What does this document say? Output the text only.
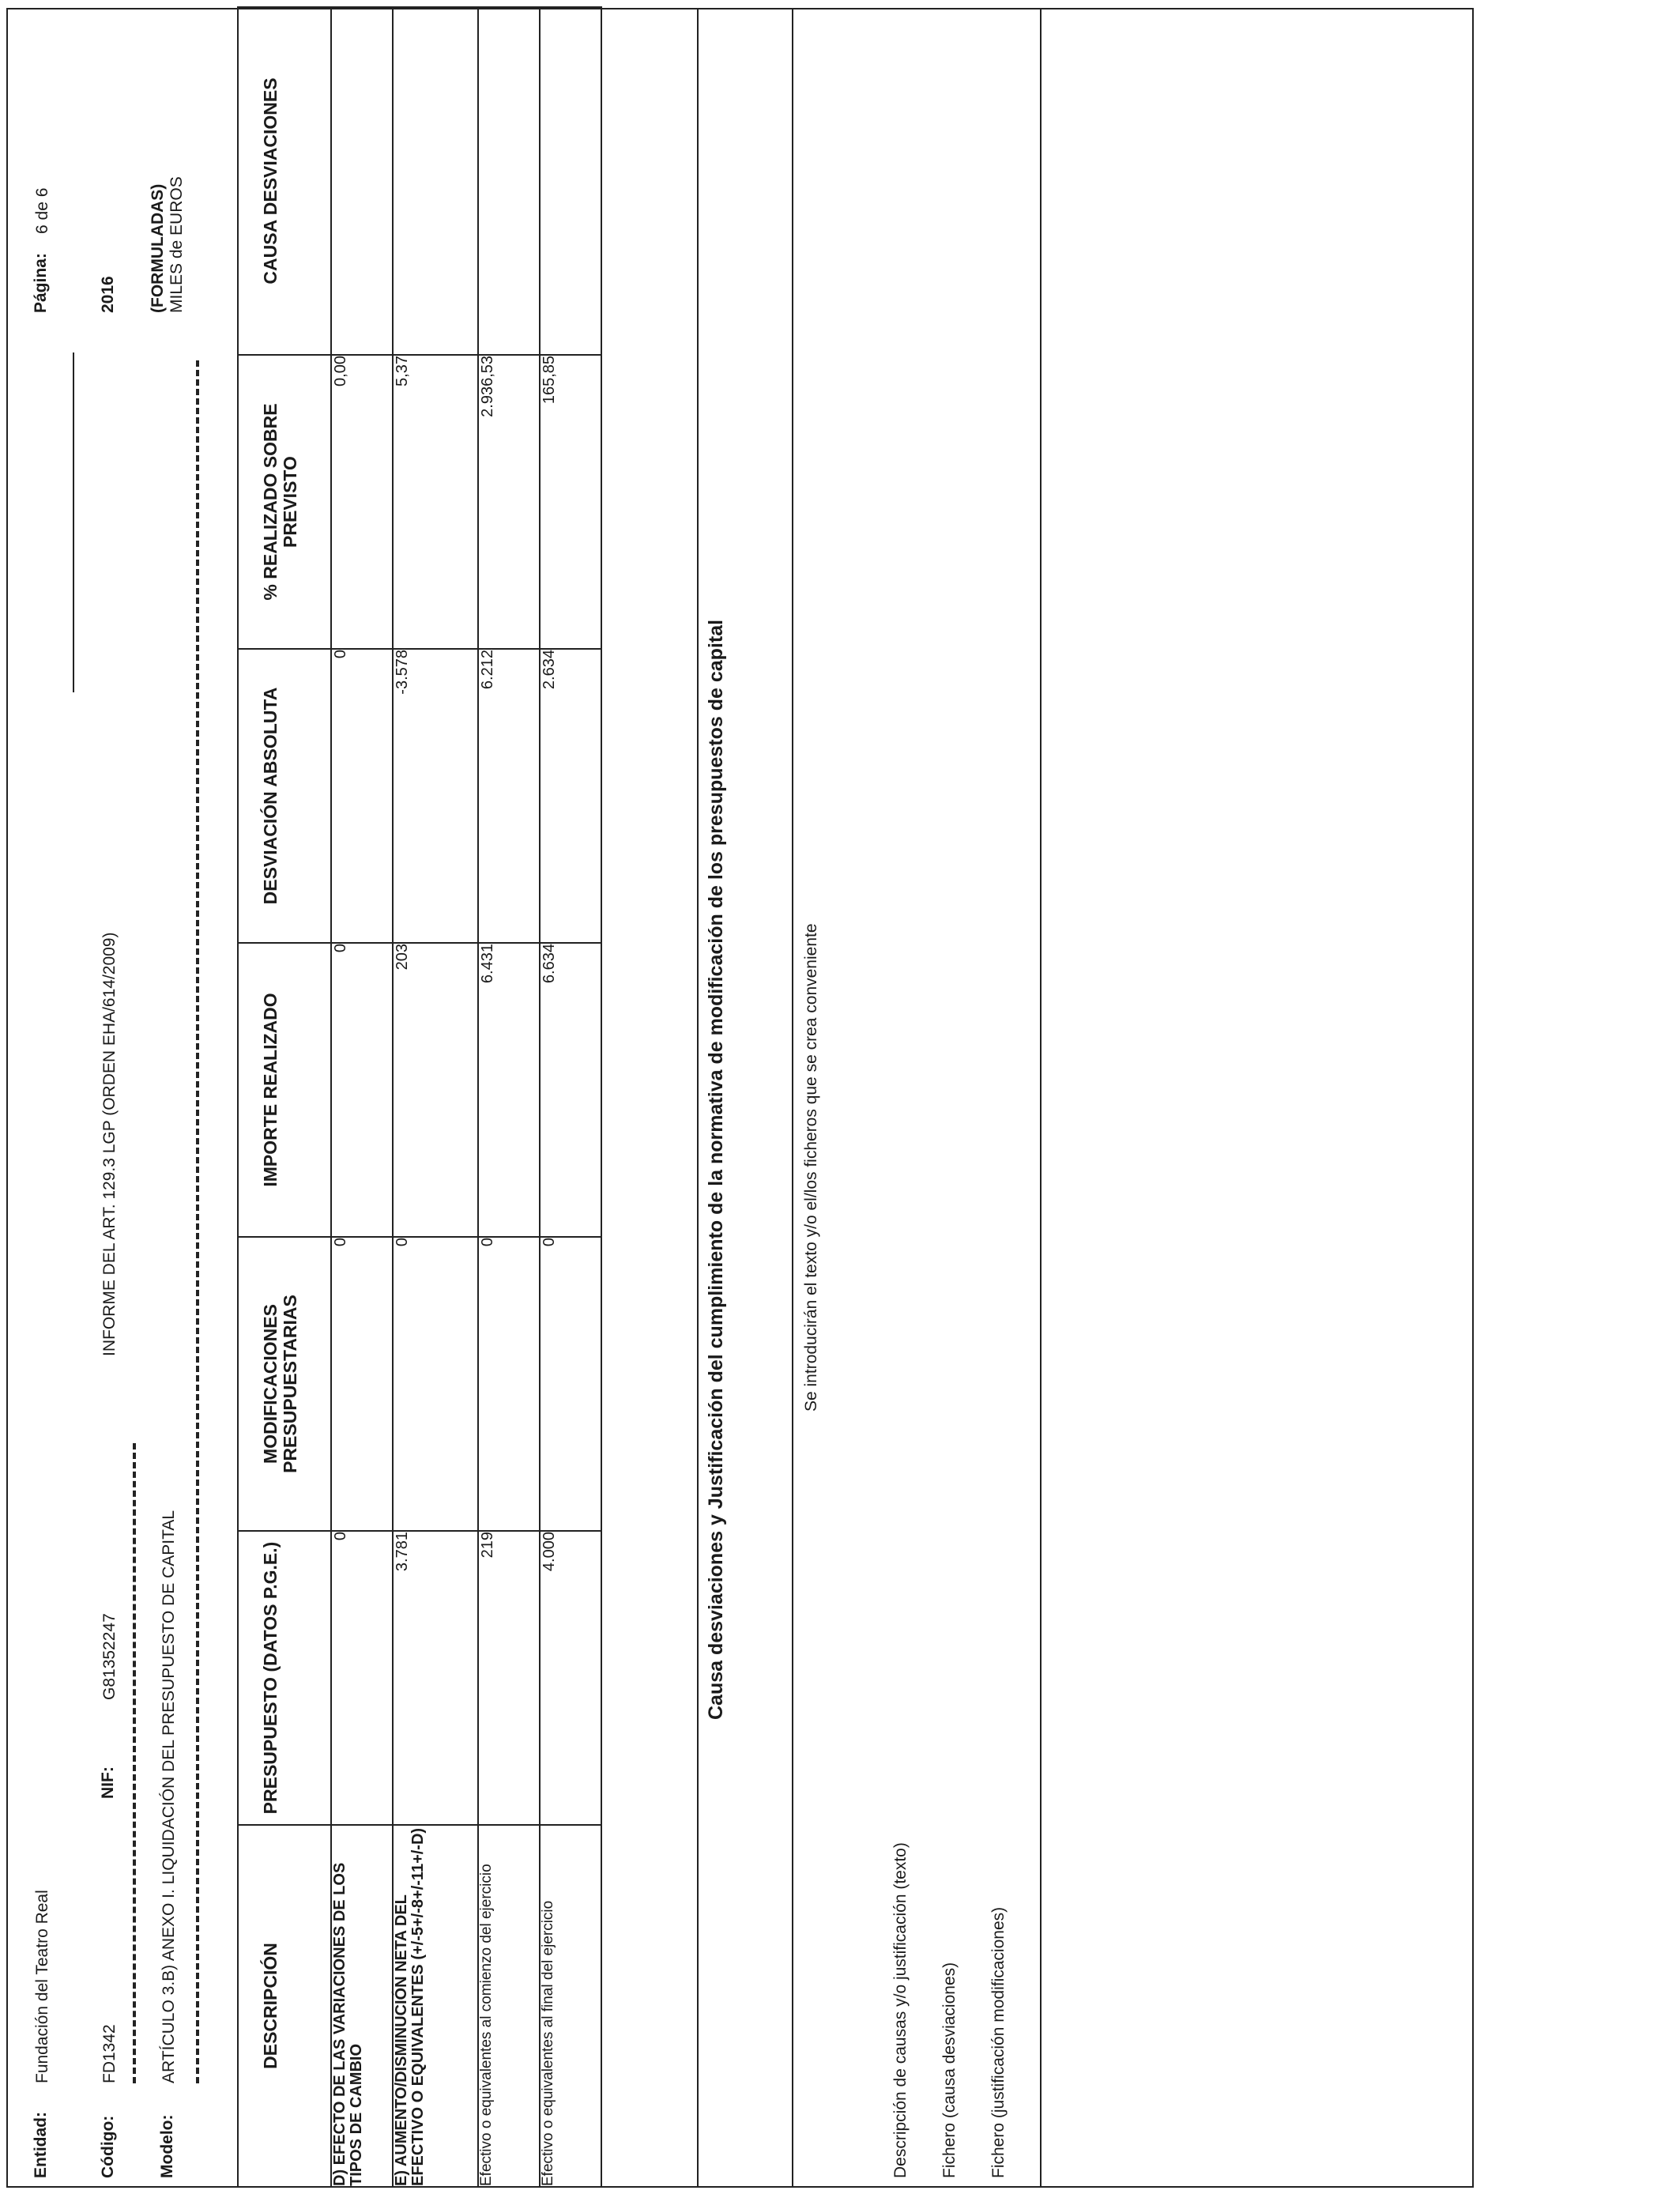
Entidad:
Fundación del Teatro Real
Página:
6 de 6
Código:
FD1342
NIF:
G81352247
INFORME DEL ART. 129.3 LGP (ORDEN EHA/614/2009)
2016 (FORMULADAS)
Modelo:
ARTÍCULO 3.B) ANEXO I. LIQUIDACIÓN DEL PRESUPUESTO DE CAPITAL
MILES de EUROS
DESCRIPCIÓN	PRESUPUESTO (DATOS P.G.E.)	MODIFICACIONES PRESUPUESTARIAS	IMPORTE REALIZADO	DESVIACIÓN ABSOLUTA	% REALIZADO SOBRE PREVISTO	CAUSA DESVIACIONES
D) EFECTO DE LAS VARIACIONES DE LOS TIPOS DE CAMBIO	0	0	0	0	0,00	
E) AUMENTO/DISMINUCIÓN NETA DEL EFECTIVO O EQUIVALENTES (+/-5+/-8+/-11+/-D)	3.781	0	203	-3.578	5,37	
Efectivo o equivalentes al comienzo del ejercicio	219	0	6.431	6.212	2.936,53	
Efectivo o equivalentes al final del ejercicio	4.000	0	6.634	2.634	165,85	
Causa desviaciones y Justificación del cumplimiento de la normativa de modificación de los presupuestos de capital	Se introducirán el texto y/o el/los ficheros que se crea conveniente
Descripción de causas y/o justificación (texto) Fichero (causa desviaciones) Fichero (justificación modificaciones)
